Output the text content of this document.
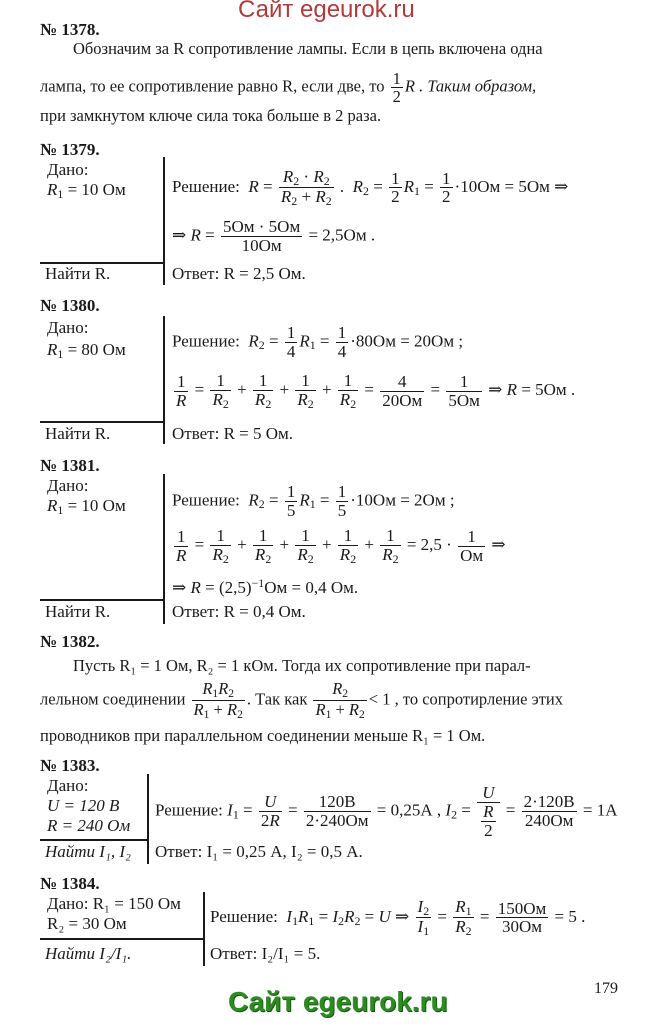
Сайт egeurok.ru
№ 1378.
Обозначим за R сопротивление лампы. Если в цепь включена одна
лампа, то ее сопротивление равно R, если две, то $\frac{1}{2}$ R . Таким образом,
при замкнутом ключе сила тока больше в 2 раза.
№ 1379.
Дано:
$R_1 = 10$ Ом	Решение: $R = \frac{R_2 \cdot R_2}{R_2 + R_2}$ .  $R_2 = \frac{1}{2} R_1 = \frac{1}{2} \cdot 10Ом = 5Ом$ ⇒
⇒ $R = \frac{5Ом \cdot 5Ом}{10Ом} = 2,5Ом$ .
Найти R.	Ответ: R = 2,5 Ом.
№ 1380.
Дано:
$R_1 = 80$ Ом	Решение: $R_2 = \frac{1}{4} R_1 = \frac{1}{4} \cdot 80Ом = 20Ом$ ;
$\frac{1}{R} = \frac{1}{R_2} + \frac{1}{R_2} + \frac{1}{R_2} + \frac{1}{R_2} = \frac{4}{20Ом} = \frac{1}{5Ом}$ ⇒ R = 5Ом .
Найти R.	Ответ: R = 5 Ом.
№ 1381.
Дано:
$R_1 = 10$ Ом	Решение: $R_2 = \frac{1}{5} R_1 = \frac{1}{5} \cdot 10Ом = 2Ом$ ;
$\frac{1}{R} = \frac{1}{R_2} + \frac{1}{R_2} + \frac{1}{R_2} + \frac{1}{R_2} + \frac{1}{R_2} = 2,5 \cdot \frac{1}{Ом}$ ⇒
⇒ $R = (2,5)^{-1}Ом = 0,4$ Ом.
Найти R.	Ответ: R = 0,4 Ом.
№ 1382.
Пусть R₁ = 1 Ом, R₂ = 1 кОм. Тогда их сопротивление при парал-
лельном соединении $\frac{R_1R_2}{R_1 + R_2}$ . Так как $\frac{R_2}{R_1 + R_2} < 1$ , то сопротирление этих
проводников при параллельном соединении меньше R₁ = 1 Ом.
№ 1383.
Дано:
U = 120 В
R = 240 Ом
Решение: $I_1 = \frac{U}{2R} = \frac{120В}{2\cdot 240Ом} = 0,25А$ , $I_2 = \frac{U}{\frac{R}{2}} = \frac{2\cdot 120В}{240Ом} = 1А$
Найти I₁, I₂ Ответ: I₁ = 0,25 А, I₂ = 0,5 А.
№ 1384.
Дано: R₁ = 150 Ом
R₂ = 30 Ом	Решение: $I_1R_1 = I_2R_2 = U$ ⇒ $\frac{I_2}{I_1} = \frac{R_1}{R_2} = \frac{150Ом}{30Ом} = 5$ .
Найти I₂/I₁.	Ответ: I₂/I₁ = 5.
179
Сайт egeurok.ru
